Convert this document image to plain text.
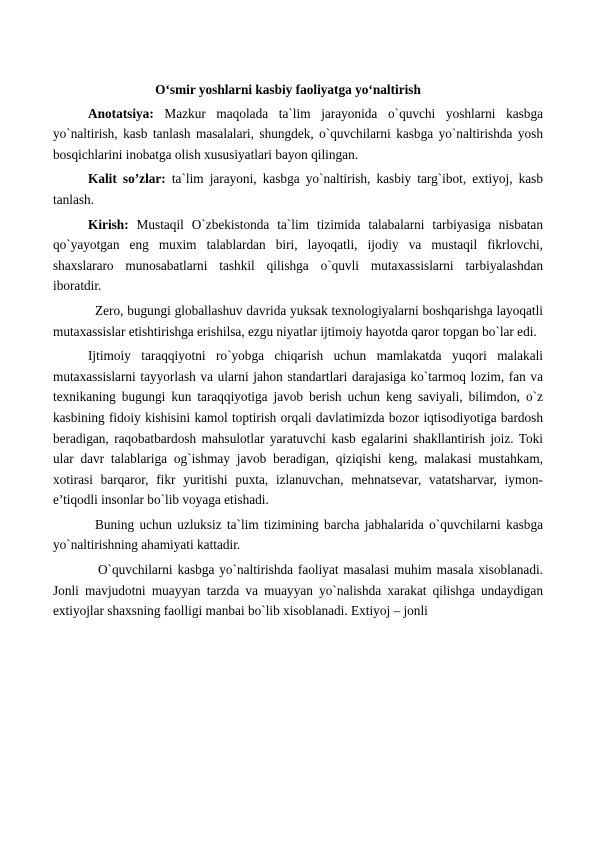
O‘smir yoshlarni kasbiy faoliyatga yo‘naltirish

Anotatsiya: Mazkur maqolada ta`lim jarayonida o`quvchi yoshlarni kasbga yo`naltirish, kasb tanlash masalalari, shungdek, o`quvchilarni kasbga yo`naltirishda yosh bosqichlarini inobatga olish xususiyatlari bayon qilingan.

Kalit so’zlar: ta`lim jarayoni, kasbga yo`naltirish, kasbiy targ`ibot, extiyoj, kasb tanlash.

Kirish: Mustaqil O`zbekistonda ta`lim tizimida talabalarni tarbiyasiga nisbatan qo`yayotgan eng muxim talablardan biri, layoqatli, ijodiy va mustaqil fikrlovchi, shaxslararo munosabatlarni tashkil qilishga o`quvli mutaxassislarni tarbiyalashdan iboratdir.

Zero, bugungi globallashuv davrida yuksak texnologiyalarni boshqarishga layoqatli mutaxassislar etishtirishga erishilsa, ezgu niyatlar ijtimoiy hayotda qaror topgan bo`lar edi.

Ijtimoiy taraqqiyotni ro`yobga chiqarish uchun mamlakatda yuqori malakali mutaxassislarni tayyorlash va ularni jahon standartlari darajasiga ko`tarmoq lozim, fan va texnikaning bugungi kun taraqqiyotiga javob berish uchun keng saviyali, bilimdon, o`z kasbining fidoiy kishisini kamol toptirish orqali davlatimizda bozor iqtisodiyotiga bardosh beradigan, raqobatbardosh mahsulotlar yaratuvchi kasb egalarini shakllantirish joiz. Toki ular davr talablariga og`ishmay javob beradigan, qiziqishi keng, malakasi mustahkam, xotirasi barqaror, fikr yuritishi puxta, izlanuvchan, mehnatsevar, vatatsharvar, iymon-e’tiqodli insonlar bo`lib voyaga etishadi.

Buning uchun uzluksiz ta`lim tizimining barcha jabhalarida o`quvchilarni kasbga yo`naltirishning ahamiyati kattadir.

O`quvchilarni kasbga yo`naltirishda faoliyat masalasi muhim masala xisoblanadi. Jonli mavjudotni muayyan tarzda va muayyan yo`nalishda xarakat qilishga undaydigan extiyojlar shaxsning faolligi manbai bo`lib xisoblanadi. Extiyoj – jonli
